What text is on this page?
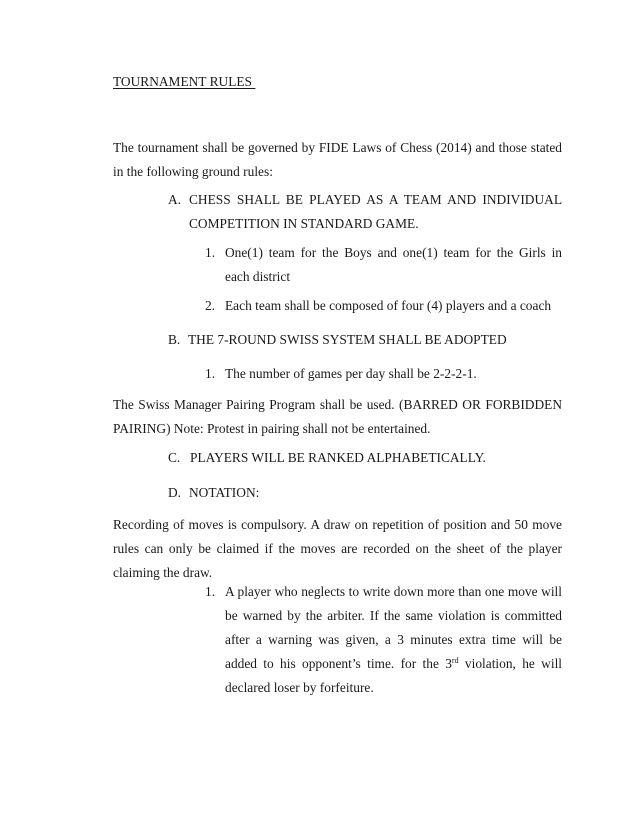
TOURNAMENT RULES
The tournament shall be governed by FIDE Laws of Chess (2014) and those stated in the following ground rules:
A. CHESS SHALL BE PLAYED AS A TEAM AND INDIVIDUAL COMPETITION IN STANDARD GAME.
1. One(1) team for the Boys and one(1) team for the Girls in each district
2. Each team shall be composed of four (4) players and a coach
B. THE 7-ROUND SWISS SYSTEM SHALL BE ADOPTED
1. The number of games per day shall be 2-2-2-1.
The Swiss Manager Pairing Program shall be used. (BARRED OR FORBIDDEN PAIRING) Note: Protest in pairing shall not be entertained.
C. PLAYERS WILL BE RANKED ALPHABETICALLY.
D. NOTATION:
Recording of moves is compulsory. A draw on repetition of position and 50 move rules can only be claimed if the moves are recorded on the sheet of the player claiming the draw.
1. A player who neglects to write down more than one move will be warned by the arbiter. If the same violation is committed after a warning was given, a 3 minutes extra time will be added to his opponent’s time. for the 3rd violation, he will declared loser by forfeiture.
